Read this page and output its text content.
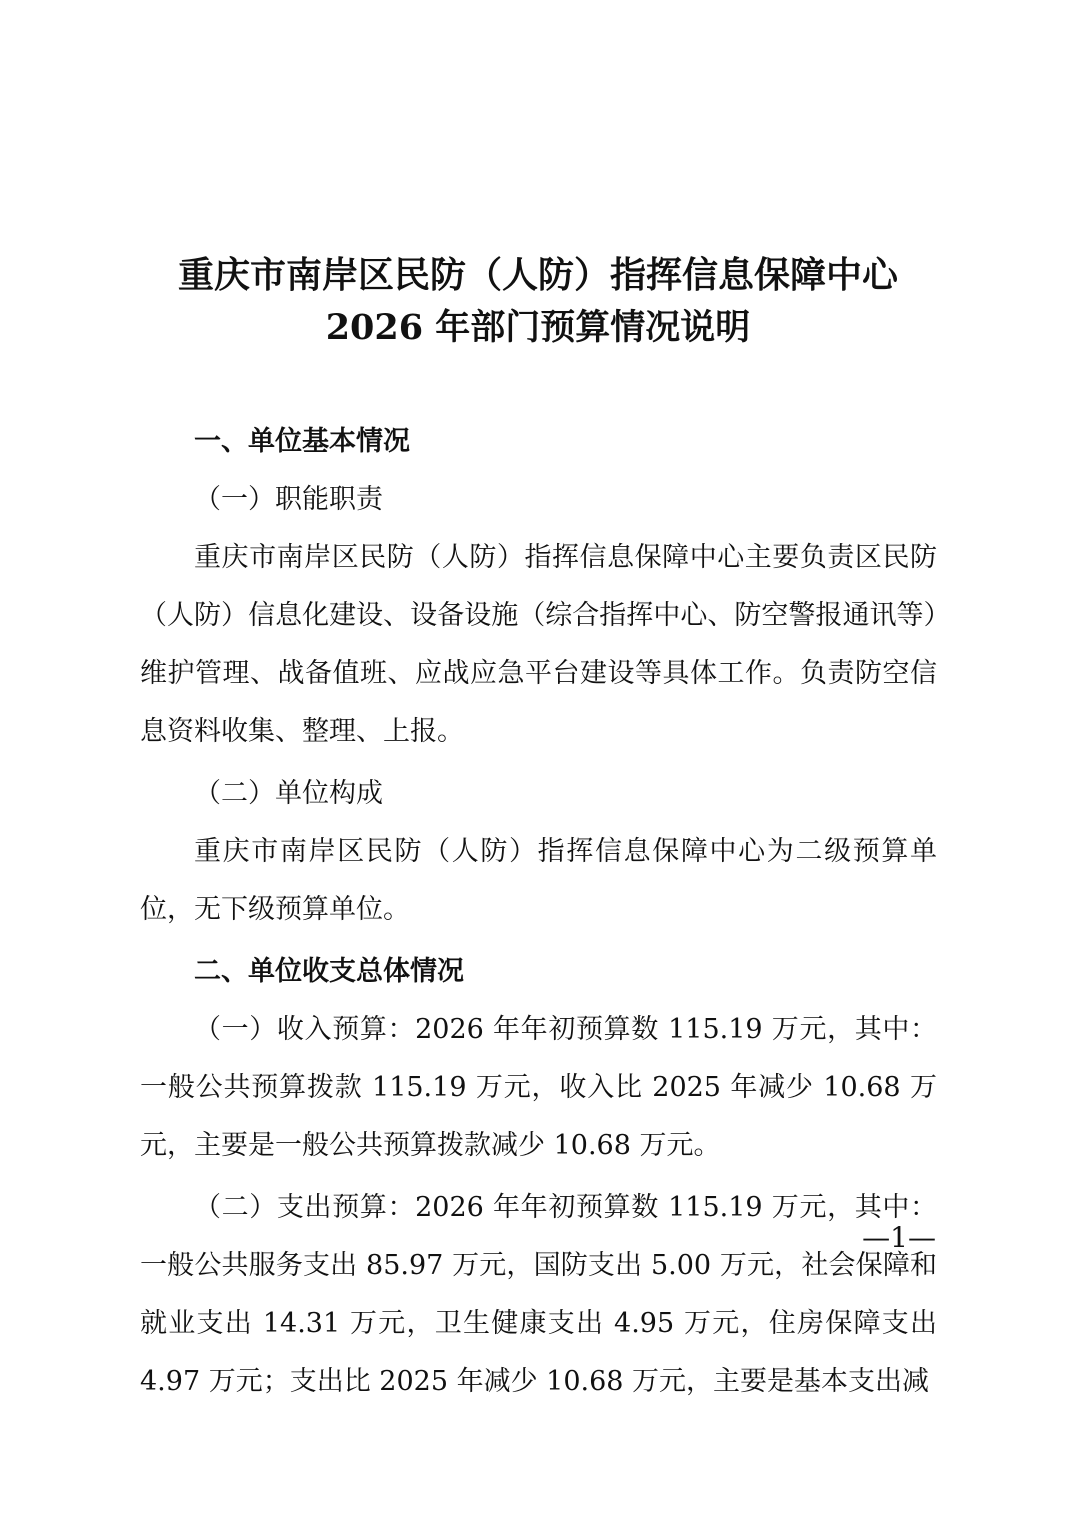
重庆市南岸区民防（人防）指挥信息保障中心
2026 年部门预算情况说明

一、单位基本情况

（一）职能职责

重庆市南岸区民防（人防）指挥信息保障中心主要负责区民防（人防）信息化建设、设备设施（综合指挥中心、防空警报通讯等）维护管理、战备值班、应战应急平台建设等具体工作。负责防空信息资料收集、整理、上报。

（二）单位构成

重庆市南岸区民防（人防）指挥信息保障中心为二级预算单位，无下级预算单位。

二、单位收支总体情况

（一）收入预算：2026 年年初预算数 115.19 万元，其中：一般公共预算拨款 115.19 万元，收入比 2025 年减少 10.68 万元，主要是一般公共预算拨款减少 10.68 万元。

（二）支出预算：2026 年年初预算数 115.19 万元，其中：一般公共服务支出 85.97 万元，国防支出 5.00 万元，社会保障和就业支出 14.31 万元，卫生健康支出 4.95 万元，住房保障支出 4.97 万元；支出比 2025 年减少 10.68 万元，主要是基本支出减

—1—
